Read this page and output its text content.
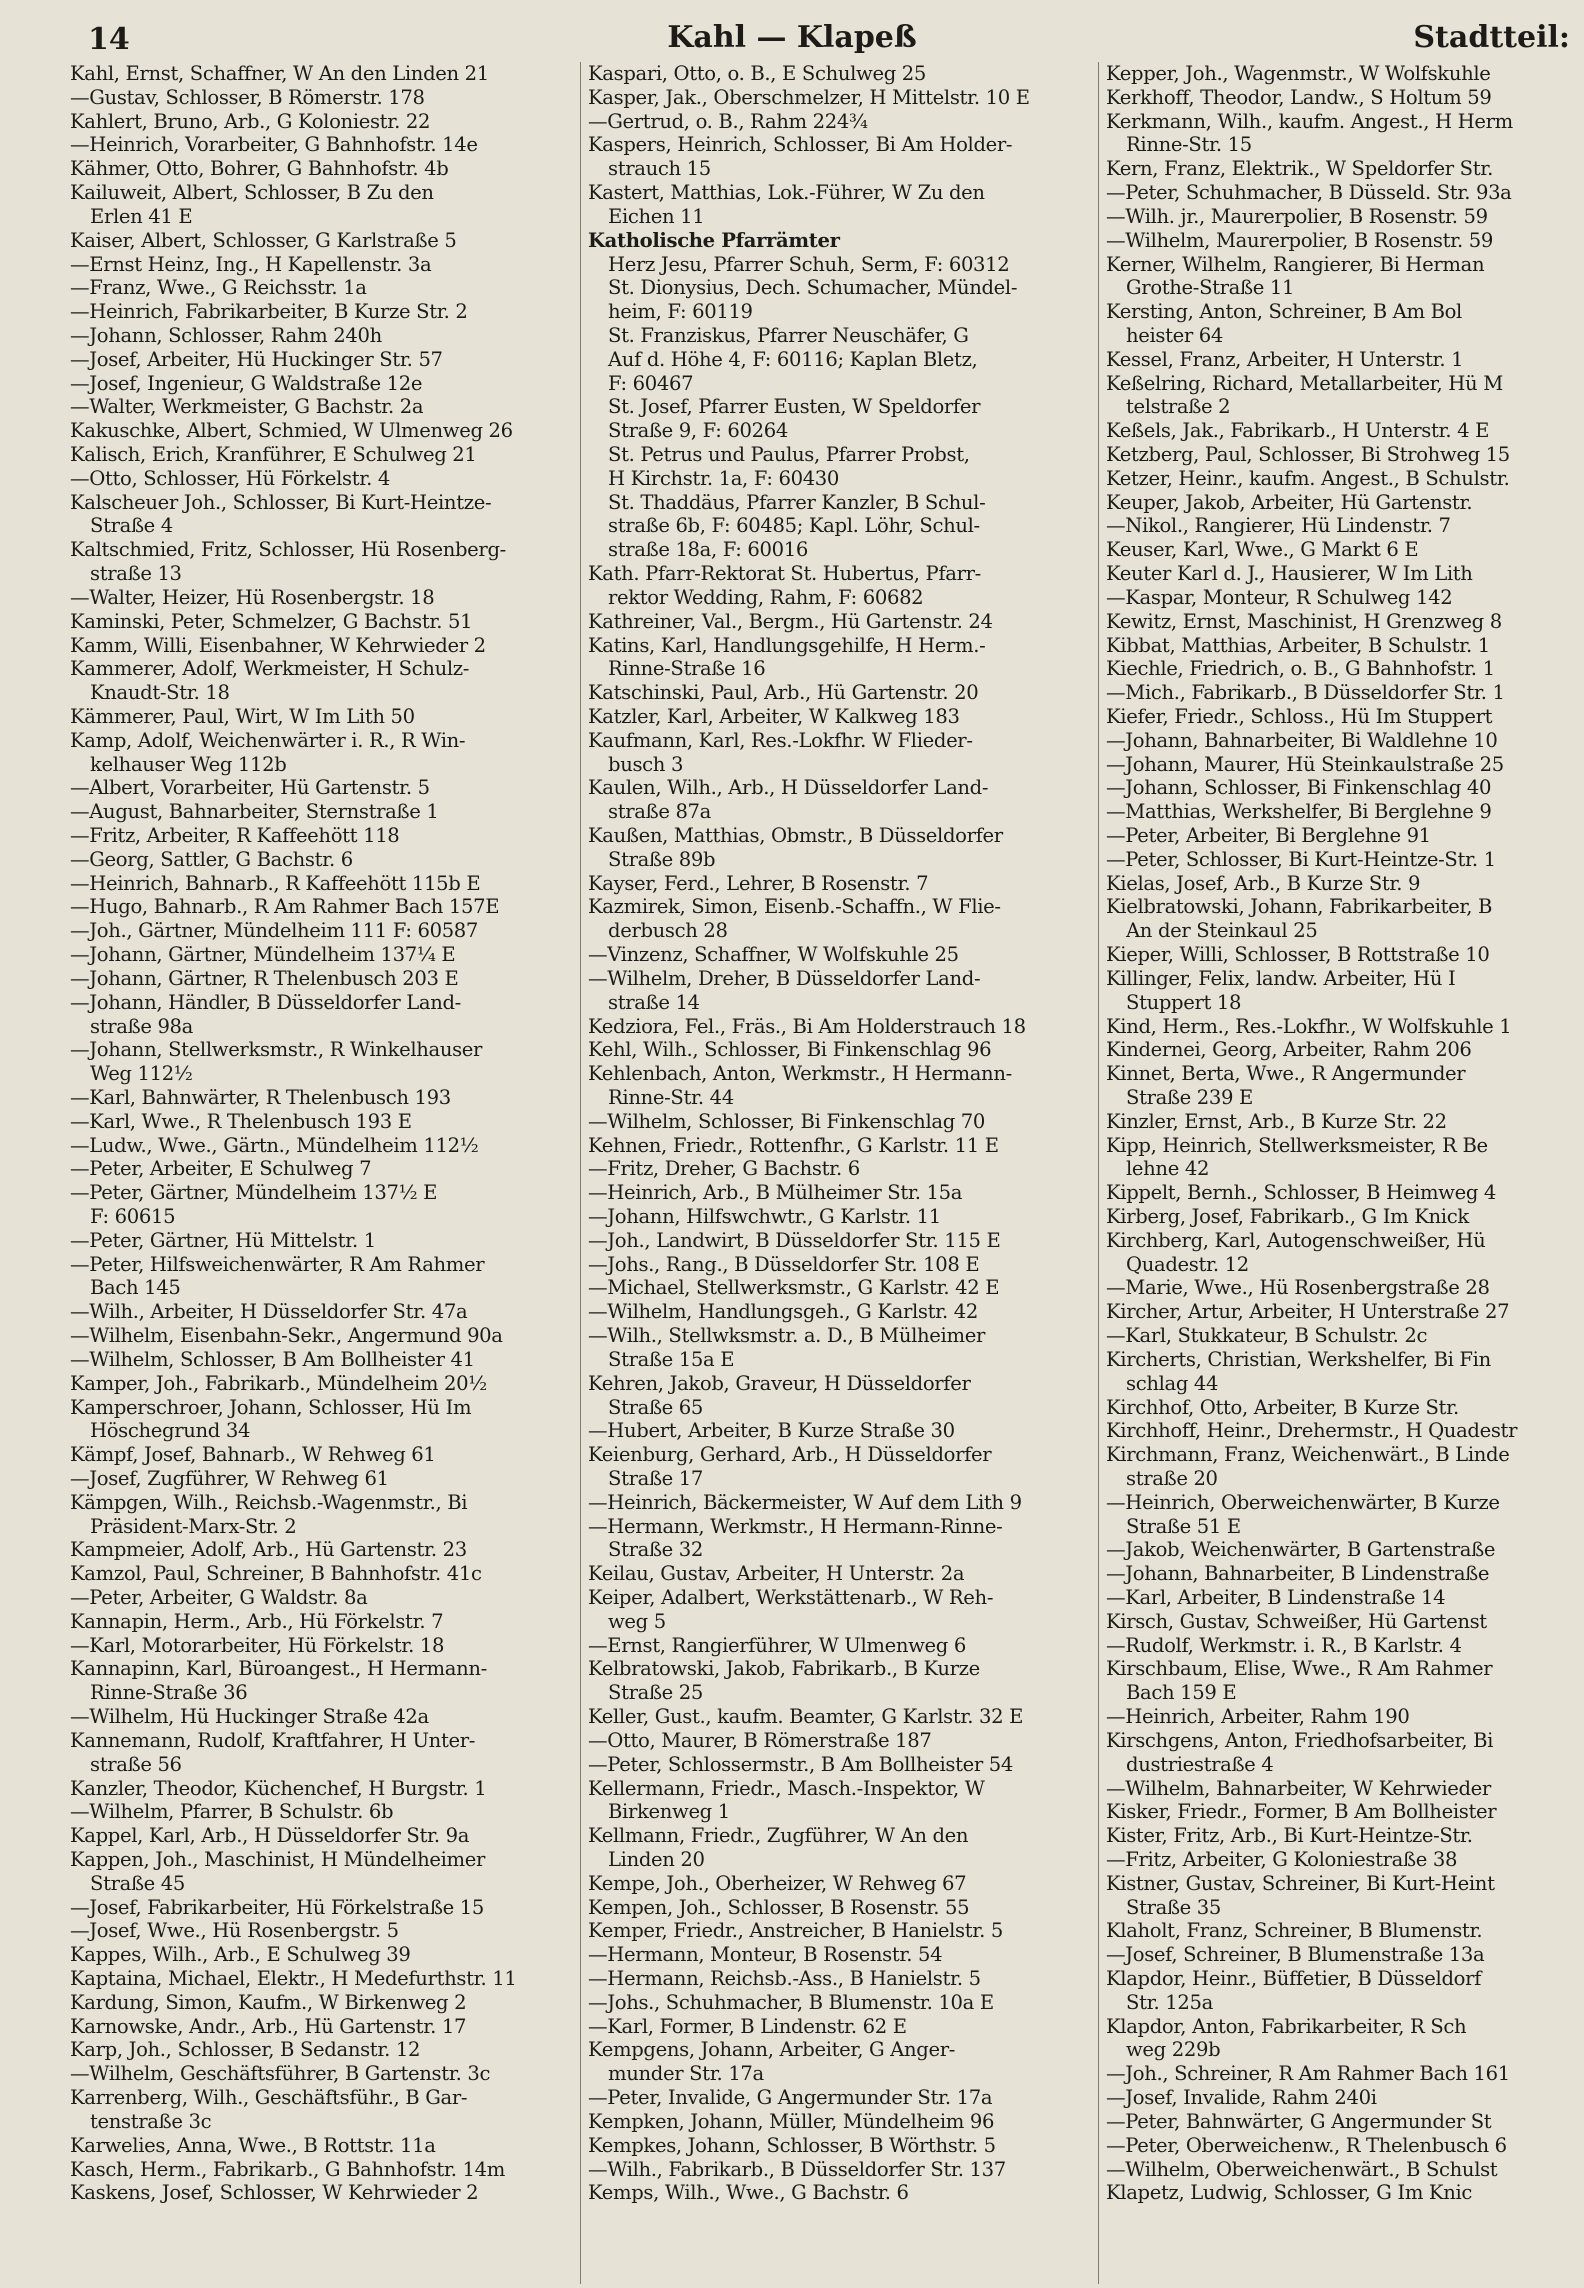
14	Kahl — Klapeß	Stadtteil:
Kahl, Ernst, Schaffner, W An den Linden 21
—Gustav, Schlosser, B Römerstr. 178
Kahlert, Bruno, Arb., G Koloniestr. 22
—Heinrich, Vorarbeiter, G Bahnhofstr. 14e
Kähmer, Otto, Bohrer, G Bahnhofstr. 4b
Kailuweit, Albert, Schlosser, B Zu den
Erlen 41 E
Kaiser, Albert, Schlosser, G Karlstraße 5
—Ernst Heinz, Ing., H Kapellenstr. 3a
—Franz, Wwe., G Reichsstr. 1a
—Heinrich, Fabrikarbeiter, B Kurze Str. 2
—Johann, Schlosser, Rahm 240h
—Josef, Arbeiter, Hü Huckinger Str. 57
—Josef, Ingenieur, G Waldstraße 12e
—Walter, Werkmeister, G Bachstr. 2a
Kakuschke, Albert, Schmied, W Ulmenweg 26
Kalisch, Erich, Kranführer, E Schulweg 21
—Otto, Schlosser, Hü Förkelstr. 4
Kalscheuer Joh., Schlosser, Bi Kurt-Heintze-
Straße 4
Kaltschmied, Fritz, Schlosser, Hü Rosenberg-
straße 13
—Walter, Heizer, Hü Rosenbergstr. 18
Kaminski, Peter, Schmelzer, G Bachstr. 51
Kamm, Willi, Eisenbahner, W Kehrwieder 2
Kammerer, Adolf, Werkmeister, H Schulz-
Knaudt-Str. 18
Kämmerer, Paul, Wirt, W Im Lith 50
Kamp, Adolf, Weichenwärter i. R., R Win-
kelhauser Weg 112b
—Albert, Vorarbeiter, Hü Gartenstr. 5
—August, Bahnarbeiter, Sternstraße 1
—Fritz, Arbeiter, R Kaffeehött 118
—Georg, Sattler, G Bachstr. 6
—Heinrich, Bahnarb., R Kaffeehött 115b E
—Hugo, Bahnarb., R Am Rahmer Bach 157E
—Joh., Gärtner, Mündelheim 111 F: 60587
—Johann, Gärtner, Mündelheim 137¼ E
—Johann, Gärtner, R Thelenbusch 203 E
—Johann, Händler, B Düsseldorfer Land-
straße 98a
—Johann, Stellwerksmstr., R Winkelhauser
Weg 112½
—Karl, Bahnwärter, R Thelenbusch 193
—Karl, Wwe., R Thelenbusch 193 E
—Ludw., Wwe., Gärtn., Mündelheim 112½
—Peter, Arbeiter, E Schulweg 7
—Peter, Gärtner, Mündelheim 137½ E
F: 60615
—Peter, Gärtner, Hü Mittelstr. 1
—Peter, Hilfsweichenwärter, R Am Rahmer
Bach 145
—Wilh., Arbeiter, H Düsseldorfer Str. 47a
—Wilhelm, Eisenbahn-Sekr., Angermund 90a
—Wilhelm, Schlosser, B Am Bollheister 41
Kamper, Joh., Fabrikarb., Mündelheim 20½
Kamperschroer, Johann, Schlosser, Hü Im
Höschegrund 34
Kämpf, Josef, Bahnarb., W Rehweg 61
—Josef, Zugführer, W Rehweg 61
Kämpgen, Wilh., Reichsb.-Wagenmstr., Bi
Präsident-Marx-Str. 2
Kampmeier, Adolf, Arb., Hü Gartenstr. 23
Kamzol, Paul, Schreiner, B Bahnhofstr. 41c
—Peter, Arbeiter, G Waldstr. 8a
Kannapin, Herm., Arb., Hü Förkelstr. 7
—Karl, Motorarbeiter, Hü Förkelstr. 18
Kannapinn, Karl, Büroangest., H Hermann-
Rinne-Straße 36
—Wilhelm, Hü Huckinger Straße 42a
Kannemann, Rudolf, Kraftfahrer, H Unter-
straße 56
Kanzler, Theodor, Küchenchef, H Burgstr. 1
—Wilhelm, Pfarrer, B Schulstr. 6b
Kappel, Karl, Arb., H Düsseldorfer Str. 9a
Kappen, Joh., Maschinist, H Mündelheimer
Straße 45
—Josef, Fabrikarbeiter, Hü Förkelstraße 15
—Josef, Wwe., Hü Rosenbergstr. 5
Kappes, Wilh., Arb., E Schulweg 39
Kaptaina, Michael, Elektr., H Medefurthstr. 11
Kardung, Simon, Kaufm., W Birkenweg 2
Karnowske, Andr., Arb., Hü Gartenstr. 17
Karp, Joh., Schlosser, B Sedanstr. 12
—Wilhelm, Geschäftsführer, B Gartenstr. 3c
Karrenberg, Wilh., Geschäftsführ., B Gar-
tenstraße 3c
Karwelies, Anna, Wwe., B Rottstr. 11a
Kasch, Herm., Fabrikarb., G Bahnhofstr. 14m
Kaskens, Josef, Schlosser, W Kehrwieder 2
Kaspari, Otto, o. B., E Schulweg 25
Kasper, Jak., Oberschmelzer, H Mittelstr. 10 E
—Gertrud, o. B., Rahm 224¾
Kaspers, Heinrich, Schlosser, Bi Am Holder-
strauch 15
Kastert, Matthias, Lok.-Führer, W Zu den
Eichen 11
Katholische Pfarrämter
Herz Jesu, Pfarrer Schuh, Serm, F: 60312
St. Dionysius, Dech. Schumacher, Mündel-
heim, F: 60119
St. Franziskus, Pfarrer Neuschäfer, G
Auf d. Höhe 4, F: 60116; Kaplan Bletz,
F: 60467
St. Josef, Pfarrer Eusten, W Speldorfer
Straße 9, F: 60264
St. Petrus und Paulus, Pfarrer Probst,
H Kirchstr. 1a, F: 60430
St. Thaddäus, Pfarrer Kanzler, B Schul-
straße 6b, F: 60485; Kapl. Löhr, Schul-
straße 18a, F: 60016
Kath. Pfarr-Rektorat St. Hubertus, Pfarr-
rektor Wedding, Rahm, F: 60682
Kathreiner, Val., Bergm., Hü Gartenstr. 24
Katins, Karl, Handlungsgehilfe, H Herm.-
Rinne-Straße 16
Katschinski, Paul, Arb., Hü Gartenstr. 20
Katzler, Karl, Arbeiter, W Kalkweg 183
Kaufmann, Karl, Res.-Lokfhr. W Flieder-
busch 3
Kaulen, Wilh., Arb., H Düsseldorfer Land-
straße 87a
Kaußen, Matthias, Obmstr., B Düsseldorfer
Straße 89b
Kayser, Ferd., Lehrer, B Rosenstr. 7
Kazmirek, Simon, Eisenb.-Schaffn., W Flie-
derbusch 28
—Vinzenz, Schaffner, W Wolfskuhle 25
—Wilhelm, Dreher, B Düsseldorfer Land-
straße 14
Kedziora, Fel., Fräs., Bi Am Holderstrauch 18
Kehl, Wilh., Schlosser, Bi Finkenschlag 96
Kehlenbach, Anton, Werkmstr., H Hermann-
Rinne-Str. 44
—Wilhelm, Schlosser, Bi Finkenschlag 70
Kehnen, Friedr., Rottenfhr., G Karlstr. 11 E
—Fritz, Dreher, G Bachstr. 6
—Heinrich, Arb., B Mülheimer Str. 15a
—Johann, Hilfswchwtr., G Karlstr. 11
—Joh., Landwirt, B Düsseldorfer Str. 115 E
—Johs., Rang., B Düsseldorfer Str. 108 E
—Michael, Stellwerksmstr., G Karlstr. 42 E
—Wilhelm, Handlungsgeh., G Karlstr. 42
—Wilh., Stellwksmstr. a. D., B Mülheimer
Straße 15a E
Kehren, Jakob, Graveur, H Düsseldorfer
Straße 65
—Hubert, Arbeiter, B Kurze Straße 30
Keienburg, Gerhard, Arb., H Düsseldorfer
Straße 17
—Heinrich, Bäckermeister, W Auf dem Lith 9
—Hermann, Werkmstr., H Hermann-Rinne-
Straße 32
Keilau, Gustav, Arbeiter, H Unterstr. 2a
Keiper, Adalbert, Werkstättenarb., W Reh-
weg 5
—Ernst, Rangierführer, W Ulmenweg 6
Kelbratowski, Jakob, Fabrikarb., B Kurze
Straße 25
Keller, Gust., kaufm. Beamter, G Karlstr. 32 E
—Otto, Maurer, B Römerstraße 187
—Peter, Schlossermstr., B Am Bollheister 54
Kellermann, Friedr., Masch.-Inspektor, W
Birkenweg 1
Kellmann, Friedr., Zugführer, W An den
Linden 20
Kempe, Joh., Oberheizer, W Rehweg 67
Kempen, Joh., Schlosser, B Rosenstr. 55
Kemper, Friedr., Anstreicher, B Hanielstr. 5
—Hermann, Monteur, B Rosenstr. 54
—Hermann, Reichsb.-Ass., B Hanielstr. 5
—Johs., Schuhmacher, B Blumenstr. 10a E
—Karl, Former, B Lindenstr. 62 E
Kempgens, Johann, Arbeiter, G Anger-
munder Str. 17a
—Peter, Invalide, G Angermunder Str. 17a
Kempken, Johann, Müller, Mündelheim 96
Kempkes, Johann, Schlosser, B Wörthstr. 5
—Wilh., Fabrikarb., B Düsseldorfer Str. 137
Kemps, Wilh., Wwe., G Bachstr. 6
Kepper, Joh., Wagenmstr., W Wolfskuhle
Kerkhoff, Theodor, Landw., S Holtum 59
Kerkmann, Wilh., kaufm. Angest., H Herm
Rinne-Str. 15
Kern, Franz, Elektrik., W Speldorfer Str.
—Peter, Schuhmacher, B Düsseld. Str. 93a
—Wilh. jr., Maurerpolier, B Rosenstr. 59
—Wilhelm, Maurerpolier, B Rosenstr. 59
Kerner, Wilhelm, Rangierer, Bi Herman
Grothe-Straße 11
Kersting, Anton, Schreiner, B Am Bol
heister 64
Kessel, Franz, Arbeiter, H Unterstr. 1
Keßelring, Richard, Metallarbeiter, Hü M
telstraße 2
Keßels, Jak., Fabrikarb., H Unterstr. 4 E
Ketzberg, Paul, Schlosser, Bi Strohweg 15
Ketzer, Heinr., kaufm. Angest., B Schulstr.
Keuper, Jakob, Arbeiter, Hü Gartenstr.
—Nikol., Rangierer, Hü Lindenstr. 7
Keuser, Karl, Wwe., G Markt 6 E
Keuter Karl d. J., Hausierer, W Im Lith
—Kaspar, Monteur, R Schulweg 142
Kewitz, Ernst, Maschinist, H Grenzweg 8
Kibbat, Matthias, Arbeiter, B Schulstr. 1
Kiechle, Friedrich, o. B., G Bahnhofstr. 1
—Mich., Fabrikarb., B Düsseldorfer Str. 1
Kiefer, Friedr., Schloss., Hü Im Stuppert
—Johann, Bahnarbeiter, Bi Waldlehne 10
—Johann, Maurer, Hü Steinkaulstraße 25
—Johann, Schlosser, Bi Finkenschlag 40
—Matthias, Werkshelfer, Bi Berglehne 9
—Peter, Arbeiter, Bi Berglehne 91
—Peter, Schlosser, Bi Kurt-Heintze-Str. 1
Kielas, Josef, Arb., B Kurze Str. 9
Kielbratowski, Johann, Fabrikarbeiter, B
An der Steinkaul 25
Kieper, Willi, Schlosser, B Rottstraße 10
Killinger, Felix, landw. Arbeiter, Hü I
Stuppert 18
Kind, Herm., Res.-Lokfhr., W Wolfskuhle 1
Kindernei, Georg, Arbeiter, Rahm 206
Kinnet, Berta, Wwe., R Angermunder
Straße 239 E
Kinzler, Ernst, Arb., B Kurze Str. 22
Kipp, Heinrich, Stellwerksmeister, R Be
lehne 42
Kippelt, Bernh., Schlosser, B Heimweg 4
Kirberg, Josef, Fabrikarb., G Im Knick
Kirchberg, Karl, Autogenschweißer, Hü
Quadestr. 12
—Marie, Wwe., Hü Rosenbergstraße 28
Kircher, Artur, Arbeiter, H Unterstraße 27
—Karl, Stukkateur, B Schulstr. 2c
Kircherts, Christian, Werkshelfer, Bi Fin
schlag 44
Kirchhof, Otto, Arbeiter, B Kurze Str.
Kirchhoff, Heinr., Drehermstr., H Quadestr
Kirchmann, Franz, Weichenwärt., B Linde
straße 20
—Heinrich, Oberweichenwärter, B Kurze
Straße 51 E
—Jakob, Weichenwärter, B Gartenstraße
—Johann, Bahnarbeiter, B Lindenstraße
—Karl, Arbeiter, B Lindenstraße 14
Kirsch, Gustav, Schweißer, Hü Gartenst
—Rudolf, Werkmstr. i. R., B Karlstr. 4
Kirschbaum, Elise, Wwe., R Am Rahmer
Bach 159 E
—Heinrich, Arbeiter, Rahm 190
Kirschgens, Anton, Friedhofsarbeiter, Bi
dustriestraße 4
—Wilhelm, Bahnarbeiter, W Kehrwieder
Kisker, Friedr., Former, B Am Bollheister
Kister, Fritz, Arb., Bi Kurt-Heintze-Str.
—Fritz, Arbeiter, G Koloniestraße 38
Kistner, Gustav, Schreiner, Bi Kurt-Heint
Straße 35
Klaholt, Franz, Schreiner, B Blumenstr.
—Josef, Schreiner, B Blumenstraße 13a
Klapdor, Heinr., Büffetier, B Düsseldorf
Str. 125a
Klapdor, Anton, Fabrikarbeiter, R Sch
weg 229b
—Joh., Schreiner, R Am Rahmer Bach 161
—Josef, Invalide, Rahm 240i
—Peter, Bahnwärter, G Angermunder St
—Peter, Oberweichenw., R Thelenbusch 6
—Wilhelm, Oberweichenwärt., B Schulst
Klapetz, Ludwig, Schlosser, G Im Knic
